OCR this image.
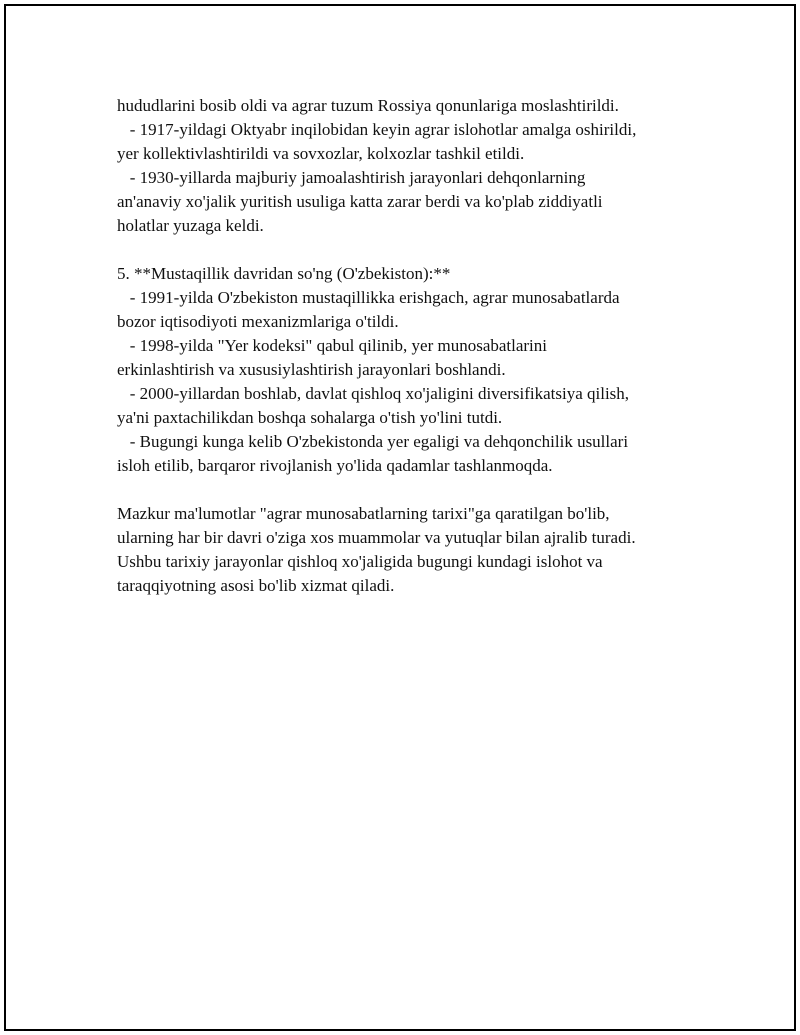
hududlarini bosib oldi va agrar tuzum Rossiya qonunlariga moslashtirildi.
- 1917-yildagi Oktyabr inqilobidan keyin agrar islohotlar amalga oshirildi,
yer kollektivlashtirildi va sovxozlar, kolxozlar tashkil etildi.
- 1930-yillarda majburiy jamoalashtirish jarayonlari dehqonlarning
an'anaviy xo'jalik yuritish usuliga katta zarar berdi va ko'plab ziddiyatli
holatlar yuzaga keldi.
5. **Mustaqillik davridan so'ng (O'zbekiston):**
- 1991-yilda O'zbekiston mustaqillikka erishgach, agrar munosabatlarda
bozor iqtisodiyoti mexanizmlariga o'tildi.
- 1998-yilda "Yer kodeksi" qabul qilinib, yer munosabatlarini
erkinlashtirish va xususiylashtirish jarayonlari boshlandi.
- 2000-yillardan boshlab, davlat qishloq xo'jaligini diversifikatsiya qilish,
ya'ni paxtachilikdan boshqa sohalarga o'tish yo'lini tutdi.
- Bugungi kunga kelib O'zbekistonda yer egaligi va dehqonchilik usullari
isloh etilib, barqaror rivojlanish yo'lida qadamlar tashlanmoqda.
Mazkur ma'lumotlar "agrar munosabatlarning tarixi"ga qaratilgan bo'lib,
ularning har bir davri o'ziga xos muammolar va yutuqlar bilan ajralib turadi.
Ushbu tarixiy jarayonlar qishloq xo'jaligida bugungi kundagi islohot va
taraqqiyotning asosi bo'lib xizmat qiladi.
